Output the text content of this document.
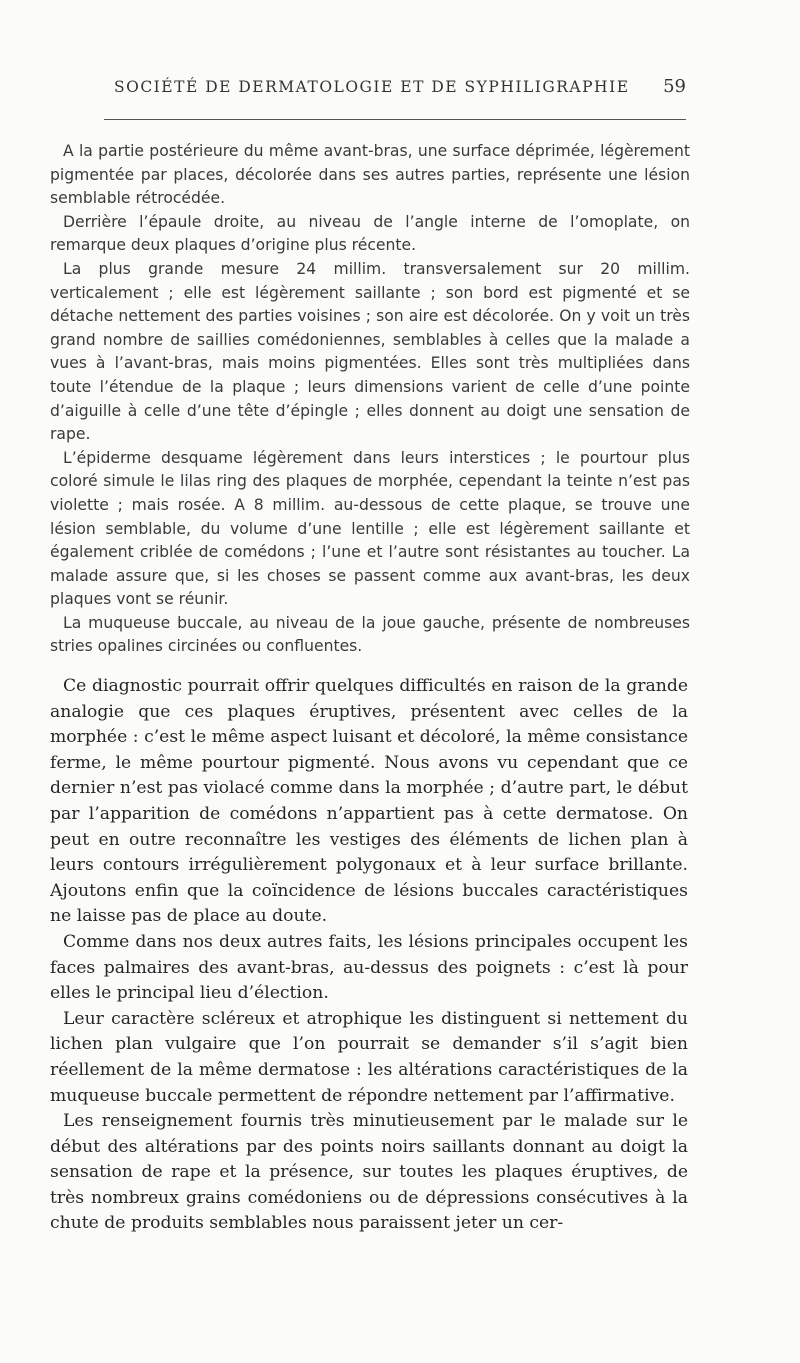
SOCIÉTÉ DE DERMATOLOGIE ET DE SYPHILIGRAPHIE 59

A la partie postérieure du même avant-bras, une surface déprimée, légèrement pigmentée par places, décolorée dans ses autres parties, représente une lésion semblable rétrocédée.

Derrière l’épaule droite, au niveau de l’angle interne de l’omoplate, on remarque deux plaques d’origine plus récente.

La plus grande mesure 24 millim. transversalement sur 20 millim. verticalement ; elle est légèrement saillante ; son bord est pigmenté et se détache nettement des parties voisines ; son aire est décolorée. On y voit un très grand nombre de saillies comédoniennes, semblables à celles que la malade a vues à l’avant-bras, mais moins pigmentées. Elles sont très multipliées dans toute l’étendue de la plaque ; leurs dimensions varient de celle d’une pointe d’aiguille à celle d’une tête d’épingle ; elles donnent au doigt une sensation de rape.

L’épiderme desquame légèrement dans leurs interstices ; le pourtour plus coloré simule le lilas ring des plaques de morphée, cependant la teinte n’est pas violette ; mais rosée. A 8 millim. au-dessous de cette plaque, se trouve une lésion semblable, du volume d’une lentille ; elle est légèrement saillante et également criblée de comédons ; l’une et l’autre sont résistantes au toucher. La malade assure que, si les choses se passent comme aux avant-bras, les deux plaques vont se réunir.

La muqueuse buccale, au niveau de la joue gauche, présente de nombreuses stries opalines circinées ou confluentes.

Ce diagnostic pourrait offrir quelques difficultés en raison de la grande analogie que ces plaques éruptives, présentent avec celles de la morphée : c’est le même aspect luisant et décoloré, la même consistance ferme, le même pourtour pigmenté. Nous avons vu cependant que ce dernier n’est pas violacé comme dans la morphée ; d’autre part, le début par l’apparition de comédons n’appartient pas à cette dermatose. On peut en outre reconnaître les vestiges des éléments de lichen plan à leurs contours irrégulièrement polygonaux et à leur surface brillante. Ajoutons enfin que la coïncidence de lésions buccales caractéristiques ne laisse pas de place au doute.

Comme dans nos deux autres faits, les lésions principales occupent les faces palmaires des avant-bras, au-dessus des poignets : c’est là pour elles le principal lieu d’élection.

Leur caractère scléreux et atrophique les distinguent si nettement du lichen plan vulgaire que l’on pourrait se demander s’il s’agit bien réellement de la même dermatose : les altérations caractéristiques de la muqueuse buccale permettent de répondre nettement par l’affirmative.

Les renseignement fournis très minutieusement par le malade sur le début des altérations par des points noirs saillants donnant au doigt la sensation de rape et la présence, sur toutes les plaques éruptives, de très nombreux grains comédoniens ou de dépressions consécutives à la chute de produits semblables nous paraissent jeter un cer-
